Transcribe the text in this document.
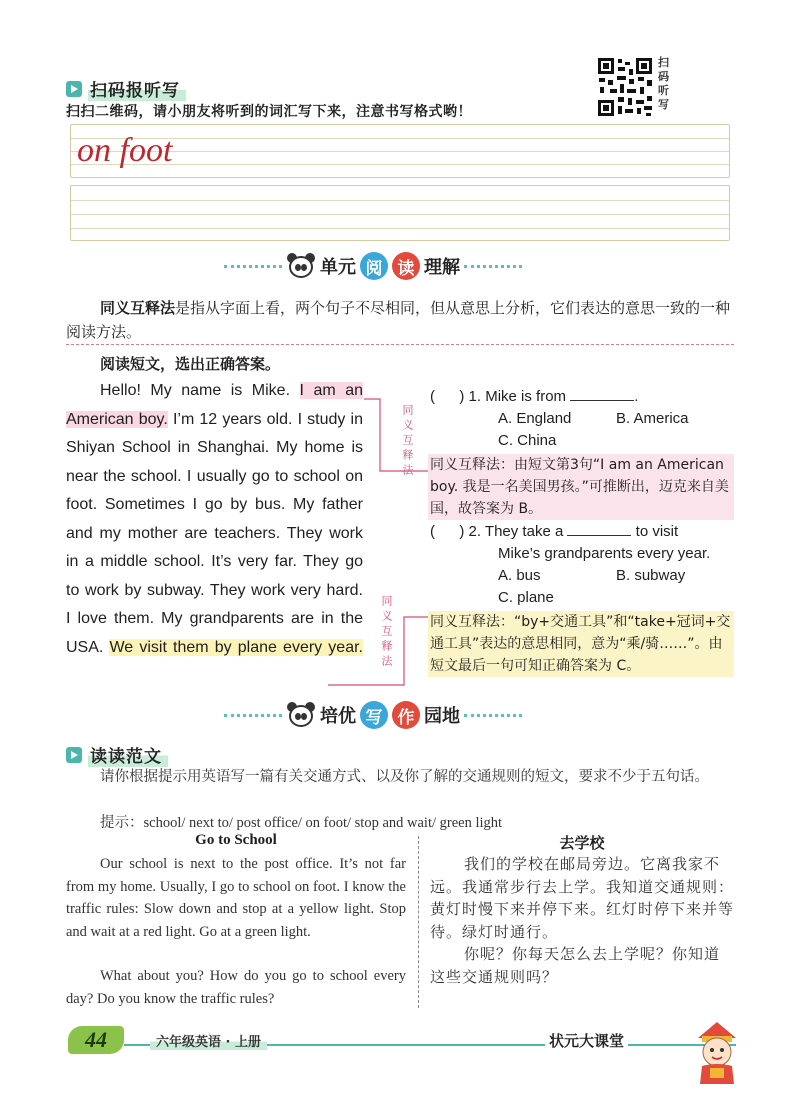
扫码报听写
扫扫二维码，请小朋友将听到的词汇写下来，注意书写格式哟！
扫码听写
on foot
单元 阅 读 理解
同义互释法是指从字面上看，两个句子不尽相同，但从意思上分析，它们表达的意思一致的一种阅读方法。
阅读短文，选出正确答案。
Hello! My name is Mike. I am an American boy. I’m 12 years old. I study in Shiyan School in Shanghai. My home is near the school. I usually go to school on foot. Sometimes I go by bus. My father and my mother are teachers. They work in a middle school. It’s very far. They go to work by subway. They work very hard. I love them. My grandparents are in the USA. We visit them by plane every year.
同义互释法
同义互释法
( ) 1. Mike is from	.
A. England	B. America
C. China
同义互释法：由短文第3句“I am an American boy. 我是一名美国男孩。”可推断出，迈克来自美国，故答案为 B。
( ) 2. They take a	to visit
Mike’s grandparents every year.
A. bus	B. subway
C. plane
同义互释法：“by+交通工具”和“take+冠词+交通工具”表达的意思相同，意为“乘/骑……”。由短文最后一句可知正确答案为 C。
培优 写 作 园地
读读范文
请你根据提示用英语写一篇有关交通方式、以及你了解的交通规则的短文，要求不少于五句话。
提示：school/ next to/ post office/ on foot/ stop and wait/ green light
Go to School
Our school is next to the post office. It’s not far from my home. Usually, I go to school on foot. I know the traffic rules: Slow down and stop at a yellow light. Stop and wait at a red light. Go at a green light.
What about you? How do you go to school every day? Do you know the traffic rules?
去学校
我们的学校在邮局旁边。它离我家不远。我通常步行去上学。我知道交通规则：黄灯时慢下来并停下来。红灯时停下来并等待。绿灯时通行。
你呢？你每天怎么去上学呢？你知道这些交通规则吗？
44	六年级英语 · 上册	状元大课堂
